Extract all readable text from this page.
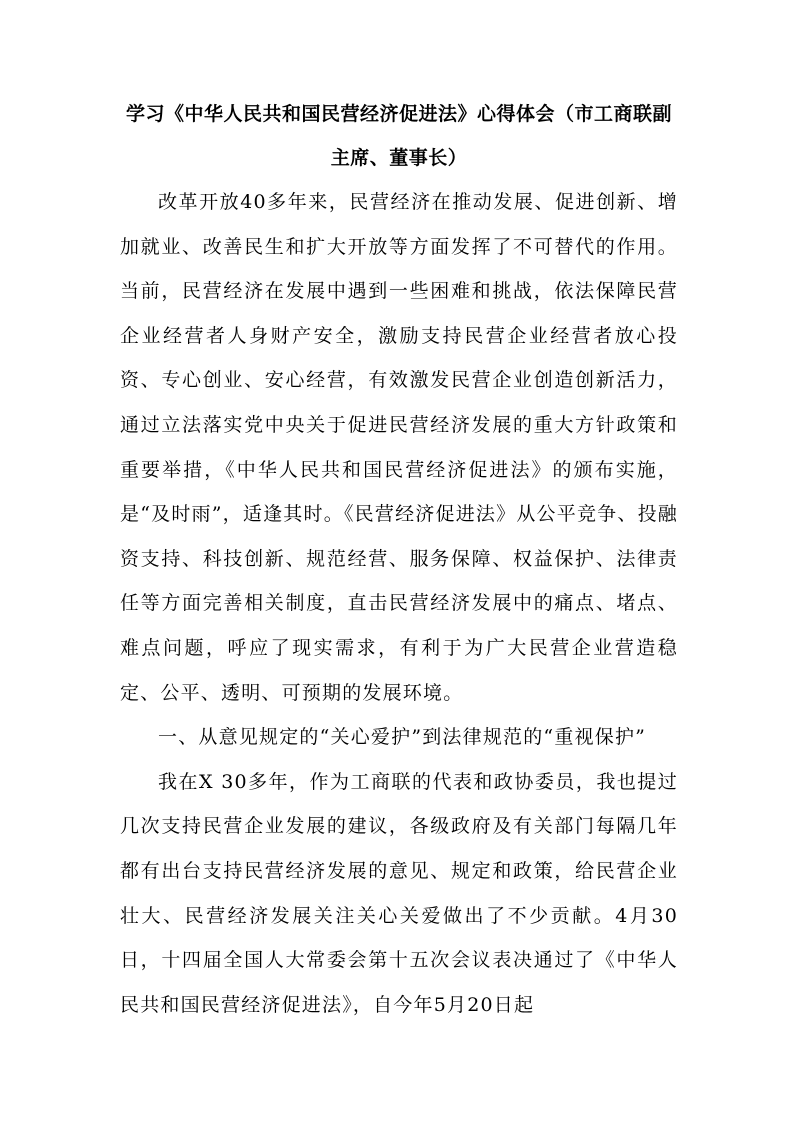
学习《中华人民共和国民营经济促进法》心得体会（市工商联副主席、董事长）

改革开放40多年来，民营经济在推动发展、促进创新、增加就业、改善民生和扩大开放等方面发挥了不可替代的作用。当前，民营经济在发展中遇到一些困难和挑战，依法保障民营企业经营者人身财产安全，激励支持民营企业经营者放心投资、专心创业、安心经营，有效激发民营企业创造创新活力，通过立法落实党中央关于促进民营经济发展的重大方针政策和重要举措，《中华人民共和国民营经济促进法》的颁布实施，是“及时雨”，适逢其时。《民营经济促进法》从公平竞争、投融资支持、科技创新、规范经营、服务保障、权益保护、法律责任等方面完善相关制度，直击民营经济发展中的痛点、堵点、难点问题，呼应了现实需求，有利于为广大民营企业营造稳定、公平、透明、可预期的发展环境。

一、从意见规定的“关心爱护”到法律规范的“重视保护”

我在X 30多年，作为工商联的代表和政协委员，我也提过几次支持民营企业发展的建议，各级政府及有关部门每隔几年都有出台支持民营经济发展的意见、规定和政策，给民营企业壮大、民营经济发展关注关心关爱做出了不少贡献。4月30日，十四届全国人大常委会第十五次会议表决通过了《中华人民共和国民营经济促进法》，自今年5月20日起
